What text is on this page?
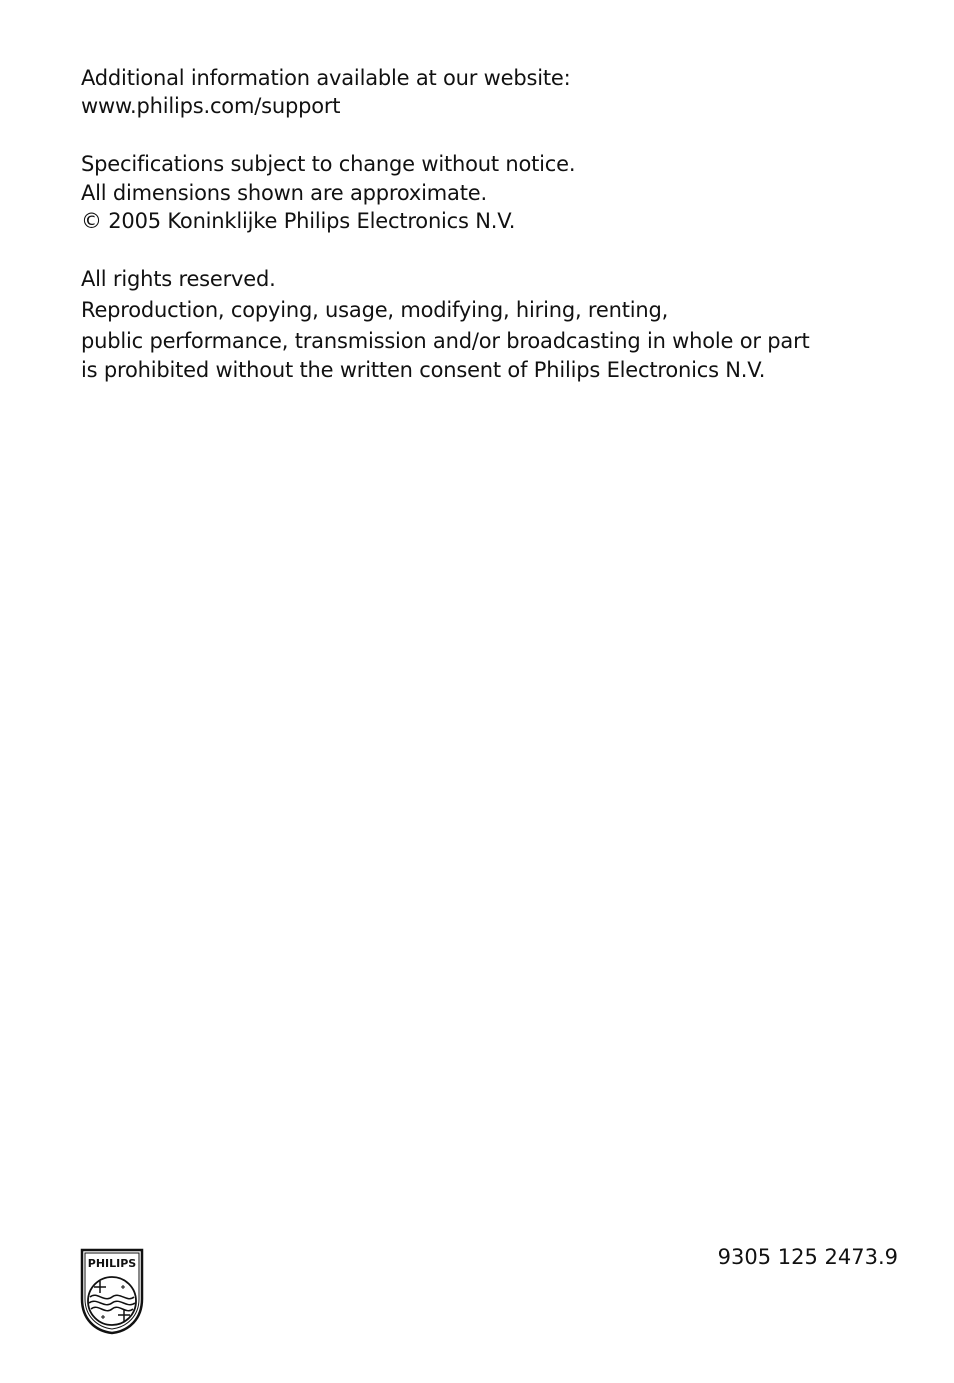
Additional information available at our website:
www.philips.com/support
Specifications subject to change without notice.
All dimensions shown are approximate.
© 2005 Koninklijke Philips Electronics N.V.
All rights reserved.
Reproduction, copying, usage, modifying, hiring, renting,
public performance, transmission and/or broadcasting in whole or part
is prohibited without the written consent of Philips Electronics N.V.
PHILIPS	9305 125 2473.9
